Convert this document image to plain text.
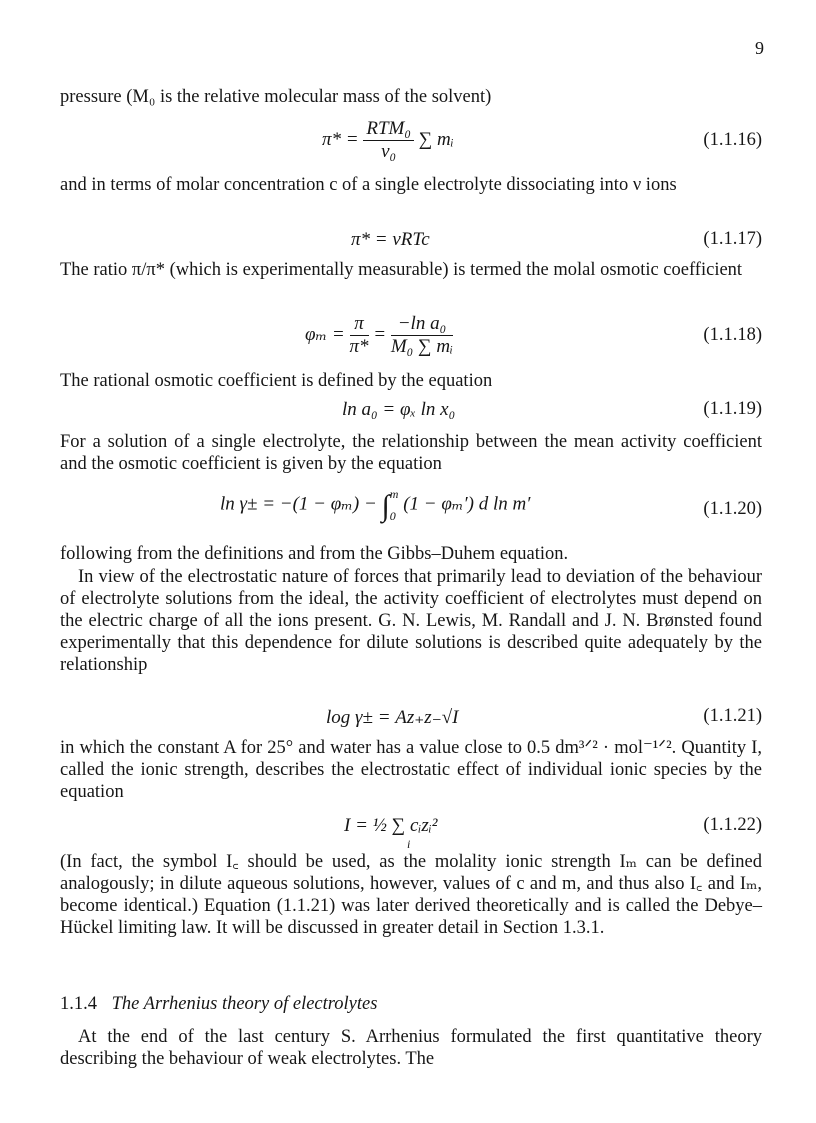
9
pressure (M₀ is the relative molecular mass of the solvent)
$\pi* = \frac{\text{RTM₀}}{\text{v₀}}$ ∑ mᵢ	(1.1.16)
and in terms of molar concentration c of a single electrolyte dissociating into ν ions
π* = νRTc	(1.1.17)
The ratio π/π* (which is experimentally measurable) is termed the molal osmotic coefficient
$\varphi_m = \frac{\pi}{\pi*} = \frac{\text{−ln a₀}}{\text{M₀ ∑ mᵢ}}$	(1.1.18)
The rational osmotic coefficient is defined by the equation
ln a₀ = φₓ ln x₀	(1.1.19)
For a solution of a single electrolyte, the relationship between the mean activity coefficient and the osmotic coefficient is given by the equation
ln γ± = −(1 − φₘ) − ∫ m
0
(1 − φₘ′) d ln m′	(1.1.20)
following from the definitions and from the Gibbs–Duhem equation.
In view of the electrostatic nature of forces that primarily lead to deviation of the behaviour of electrolyte solutions from the ideal, the activity coefficient of electrolytes must depend on the electric charge of all the ions present. G. N. Lewis, M. Randall and J. N. Brønsted found experimentally that this dependence for dilute solutions is described quite adequately by the relationship
log γ± = Az₊z₋√I	(1.1.21)
in which the constant A for 25° and water has a value close to 0.5 dm³ᐟ² · mol⁻¹ᐟ². Quantity I, called the ionic strength, describes the electrostatic effect of individual ionic species by the equation
I = ½ ∑ cᵢzᵢ²
i
(1.1.22)
(In fact, the symbol I꜀ should be used, as the molality ionic strength Iₘ can be defined analogously; in dilute aqueous solutions, however, values of c and m, and thus also I꜀ and Iₘ, become identical.) Equation (1.1.21) was later derived theoretically and is called the Debye–Hückel limiting law. It will be discussed in greater detail in Section 1.3.1.
1.1.4 The Arrhenius theory of electrolytes
At the end of the last century S. Arrhenius formulated the first quantitative theory describing the behaviour of weak electrolytes. The
